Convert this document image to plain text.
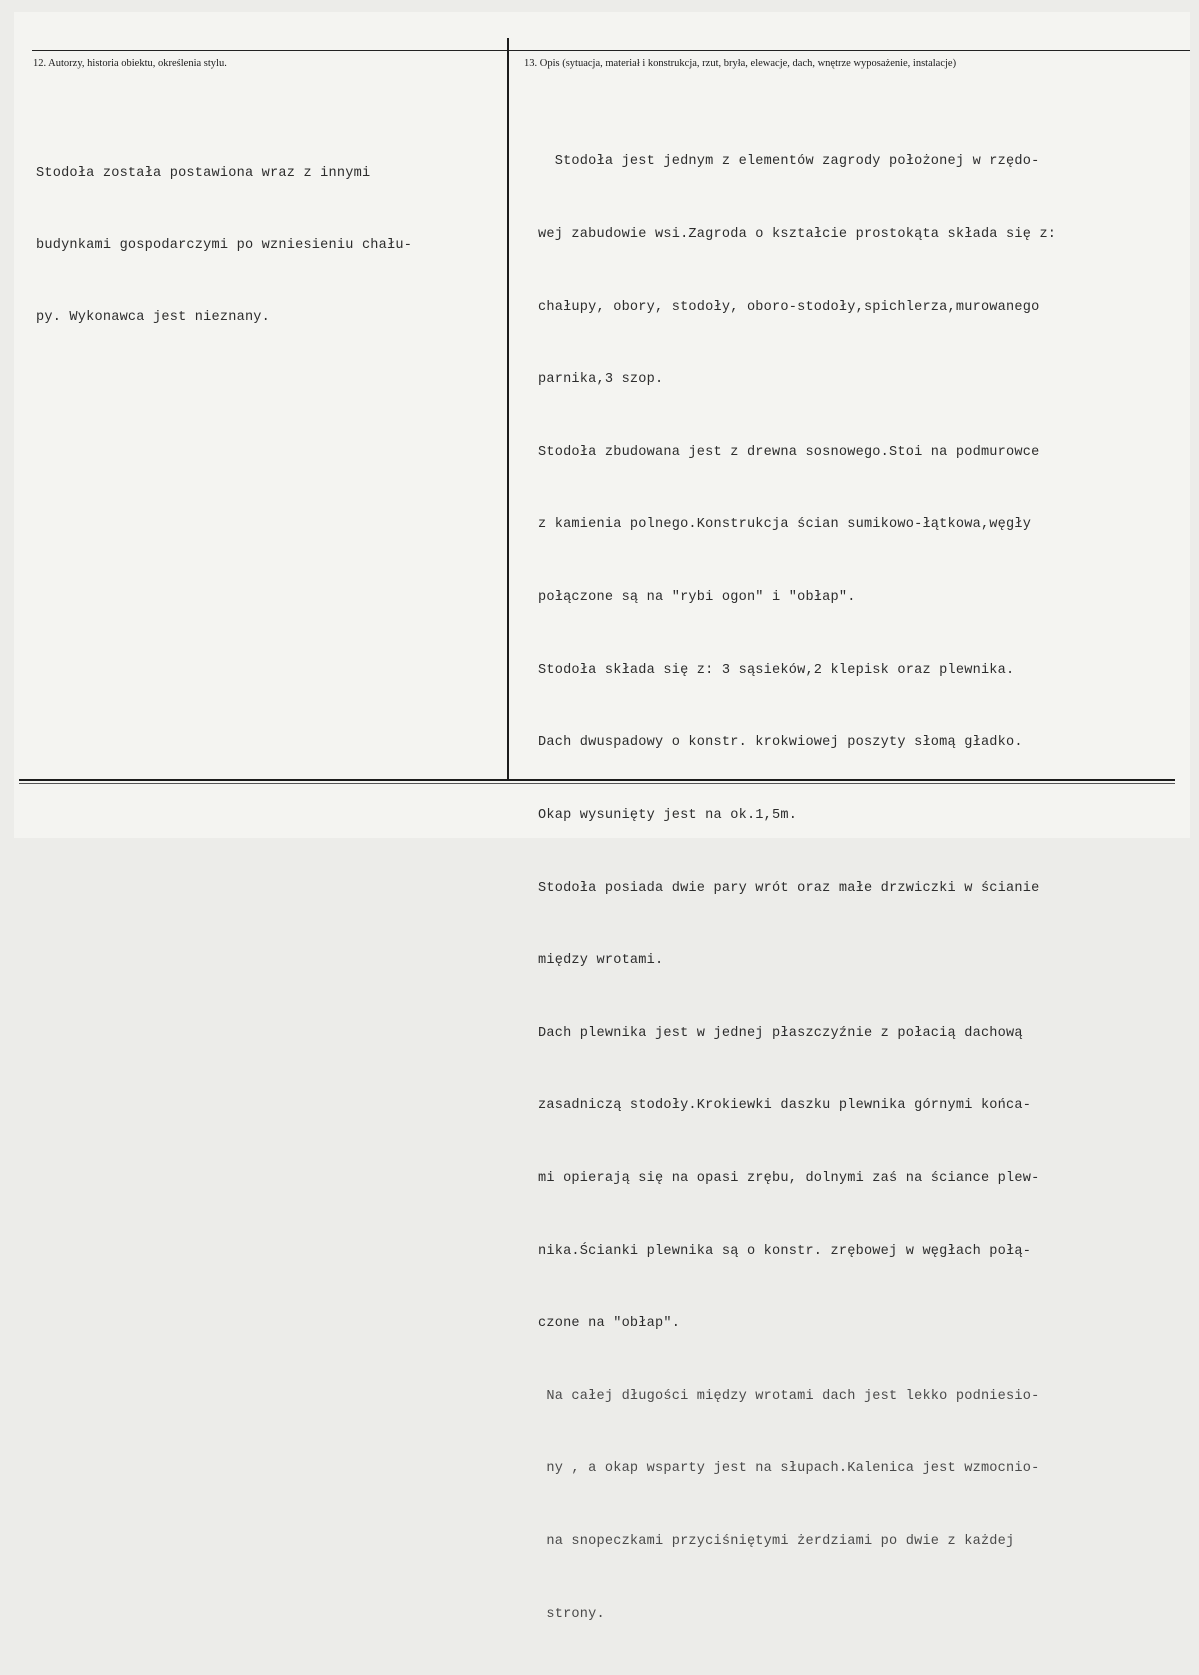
12. Autorzy, historia obiektu, określenia stylu.	13. Opis (sytuacja, materiał i konstrukcja, rzut, bryła, elewacje, dach, wnętrze wyposażenie, instalacje)

Stodoła została postawiona wraz z innymi

budynkami gospodarczymi po wzniesieniu chału-

py. Wykonawca jest nieznany.

Stodoła jest jednym z elementów zagrody położonej w rzędo-

wej zabudowie wsi.Zagroda o kształcie prostokąta składa się z:

chałupy, obory, stodoły, oboro-stodoły,spichlerza,murowanego

parnika,3 szop.

Stodoła zbudowana jest z drewna sosnowego.Stoi na podmurowce

z kamienia polnego.Konstrukcja ścian sumikowo-łątkowa,węgły

połączone są na "rybi ogon" i "obłap".

Stodoła składa się z: 3 sąsieków,2 klepisk oraz plewnika.

Dach dwuspadowy o konstr. krokwiowej poszyty słomą gładko.

Okap wysunięty jest na ok.1,5m.

Stodoła posiada dwie pary wrót oraz małe drzwiczki w ścianie

między wrotami.

Dach plewnika jest w jednej płaszczyźnie z połacią dachową

zasadniczą stodoły.Krokiewki daszku plewnika górnymi końca-

mi opierają się na opasi zrębu, dolnymi zaś na ściance plew-

nika.Ścianki plewnika są o konstr. zrębowej w węgłach połą-

czone na "obłap".

Na całej długości między wrotami dach jest lekko podniesio-

ny , a okap wsparty jest na słupach.Kalenica jest wzmocnio-

na snopeczkami przyciśniętymi żerdziami po dwie z każdej

strony.
